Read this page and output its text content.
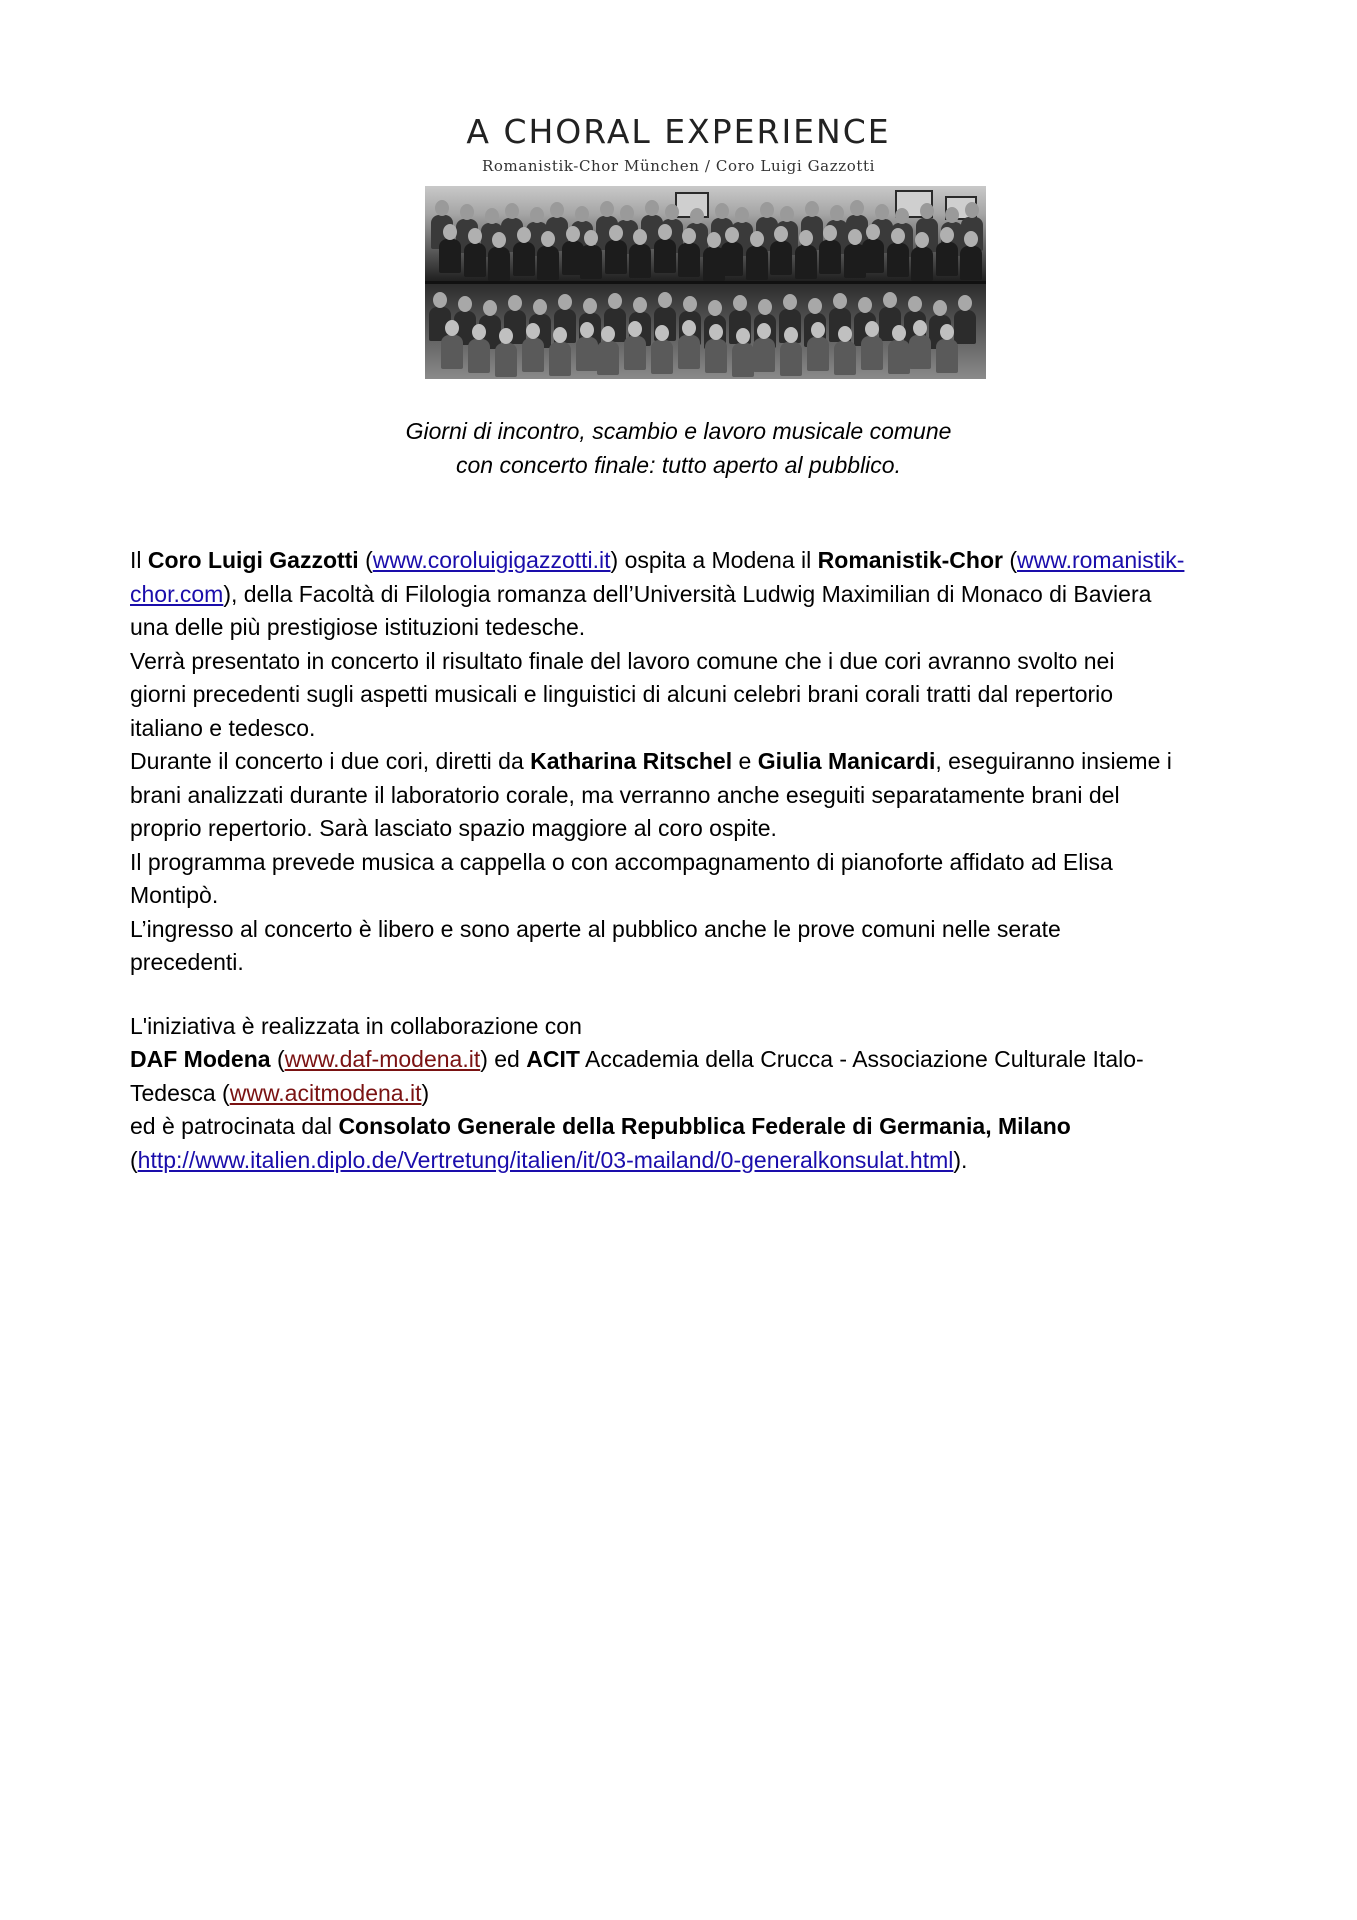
A CHORAL EXPERIENCE
Romanistik-Chor München / Coro Luigi Gazzotti
Giorni di incontro, scambio e lavoro musicale comune
con concerto finale: tutto aperto al pubblico.
Il Coro Luigi Gazzotti (www.coroluigigazzotti.it) ospita a Modena il Romanistik-Chor (www.romanistik-
chor.com), della Facoltà di Filologia romanza dell’Università Ludwig Maximilian di Monaco di Baviera
una delle più prestigiose istituzioni tedesche.
Verrà presentato in concerto il risultato finale del lavoro comune che i due cori avranno svolto nei
giorni precedenti sugli aspetti musicali e linguistici di alcuni celebri brani corali tratti dal repertorio
italiano e tedesco.
Durante il concerto i due cori, diretti da Katharina Ritschel e Giulia Manicardi, eseguiranno insieme i
brani analizzati durante il laboratorio corale, ma verranno anche eseguiti separatamente brani del
proprio repertorio. Sarà lasciato spazio maggiore al coro ospite.
Il programma prevede musica a cappella o con accompagnamento di pianoforte affidato ad Elisa
Montipò.
L’ingresso al concerto è libero e sono aperte al pubblico anche le prove comuni nelle serate
precedenti.
L'iniziativa è realizzata in collaborazione con
DAF Modena (www.daf-modena.it) ed ACIT Accademia della Crucca - Associazione Culturale Italo-
Tedesca (www.acitmodena.it)
ed è patrocinata dal Consolato Generale della Repubblica Federale di Germania, Milano
(http://www.italien.diplo.de/Vertretung/italien/it/03-mailand/0-generalkonsulat.html).
